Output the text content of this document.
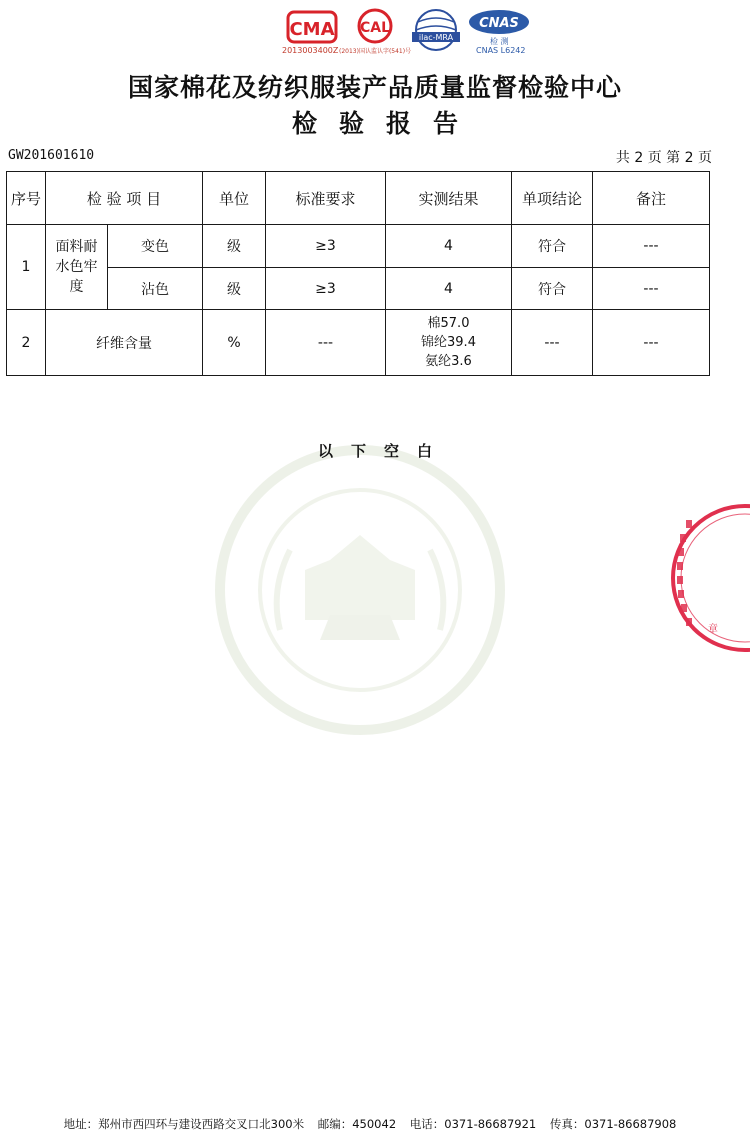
CMA
2013003400Z
CAL
(2013)国认监认字(541)号
ilac-MRA
CNAS
检 测
CNAS L6242
国家棉花及纺织服装产品质量监督检验中心
检验报告
GW201601610	共 2 页 第 2 页
序号	检 验 项 目		单位	标准要求	实测结果	单项结论	备注
1	面料耐水色牢度	变色	级	≥3	4	符合	---
		沾色	级	≥3	4	符合	---
2	纤维含量		%	---	棉57.0
锦纶39.4
氨纶3.6	---	---
以下空白
章
地址：郑州市西四环与建设西路交叉口北300米 邮编：450042 电话：0371-86687921 传真：0371-86687908
